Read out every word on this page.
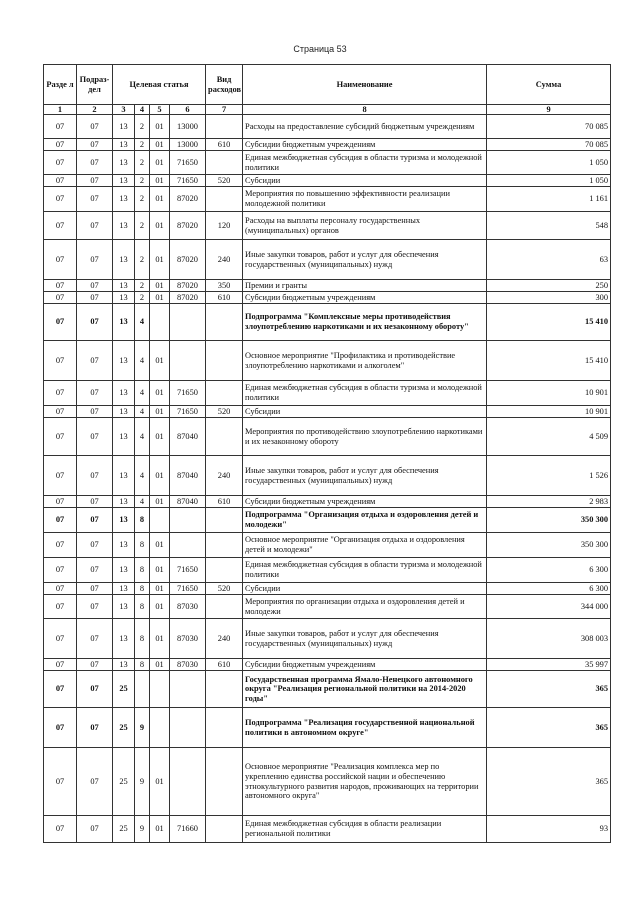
Страница 53
Разде л	Подраз- дел	Целевая статья				Вид расходов	Наименование	Сумма
1	2	3	4	5	6	7	8	9
07	07	13	2	01	13000		Расходы на предоставление субсидий бюджетным учреждениям	70 085
07	07	13	2	01	13000	610	Субсидии бюджетным учреждениям	70 085
07	07	13	2	01	71650		Единая межбюджетная субсидия в области туризма и молодежной политики	1 050
07	07	13	2	01	71650	520	Субсидии	1 050
07	07	13	2	01	87020		Мероприятия по повышению эффективности реализации молодежной политики	1 161
07	07	13	2	01	87020	120	Расходы на выплаты персоналу государственных (муниципальных) органов	548
07	07	13	2	01	87020	240	Иные закупки товаров, работ и услуг для обеспечения государственных (муниципальных) нужд	63
07	07	13	2	01	87020	350	Премии и гранты	250
07	07	13	2	01	87020	610	Субсидии бюджетным учреждениям	300
07	07	13	4				Подпрограмма "Комплексные меры противодействия злоупотреблению наркотиками и их незаконному обороту"	15 410
07	07	13	4	01			Основное мероприятие "Профилактика и противодействие злоупотреблению наркотиками и алкоголем"	15 410
07	07	13	4	01	71650		Единая межбюджетная субсидия в области туризма и молодежной политики	10 901
07	07	13	4	01	71650	520	Субсидии	10 901
07	07	13	4	01	87040		Мероприятия по противодействию злоупотреблению наркотиками и их незаконному обороту	4 509
07	07	13	4	01	87040	240	Иные закупки товаров, работ и услуг для обеспечения государственных (муниципальных) нужд	1 526
07	07	13	4	01	87040	610	Субсидии бюджетным учреждениям	2 983
07	07	13	8				Подпрограмма "Организация отдыха и оздоровления детей и молодежи"	350 300
07	07	13	8	01			Основное мероприятие "Организация отдыха и оздоровления детей и молодежи"	350 300
07	07	13	8	01	71650		Единая межбюджетная субсидия в области туризма и молодежной политики	6 300
07	07	13	8	01	71650	520	Субсидии	6 300
07	07	13	8	01	87030		Мероприятия по организации отдыха и оздоровления детей и молодежи	344 000
07	07	13	8	01	87030	240	Иные закупки товаров, работ и услуг для обеспечения государственных (муниципальных) нужд	308 003
07	07	13	8	01	87030	610	Субсидии бюджетным учреждениям	35 997
07	07	25					Государственная программа Ямало-Ненецкого автономного округа "Реализация региональной политики на 2014-2020 годы"	365
07	07	25	9				Подпрограмма "Реализация государственной национальной политики в автономном округе"	365
07	07	25	9	01			Основное мероприятие "Реализация комплекса мер по укреплению единства российской нации и обеспечению этнокультурного развития народов, проживающих на территории автономного округа"	365
07	07	25	9	01	71660		Единая межбюджетная субсидия в области реализации региональной политики	93
